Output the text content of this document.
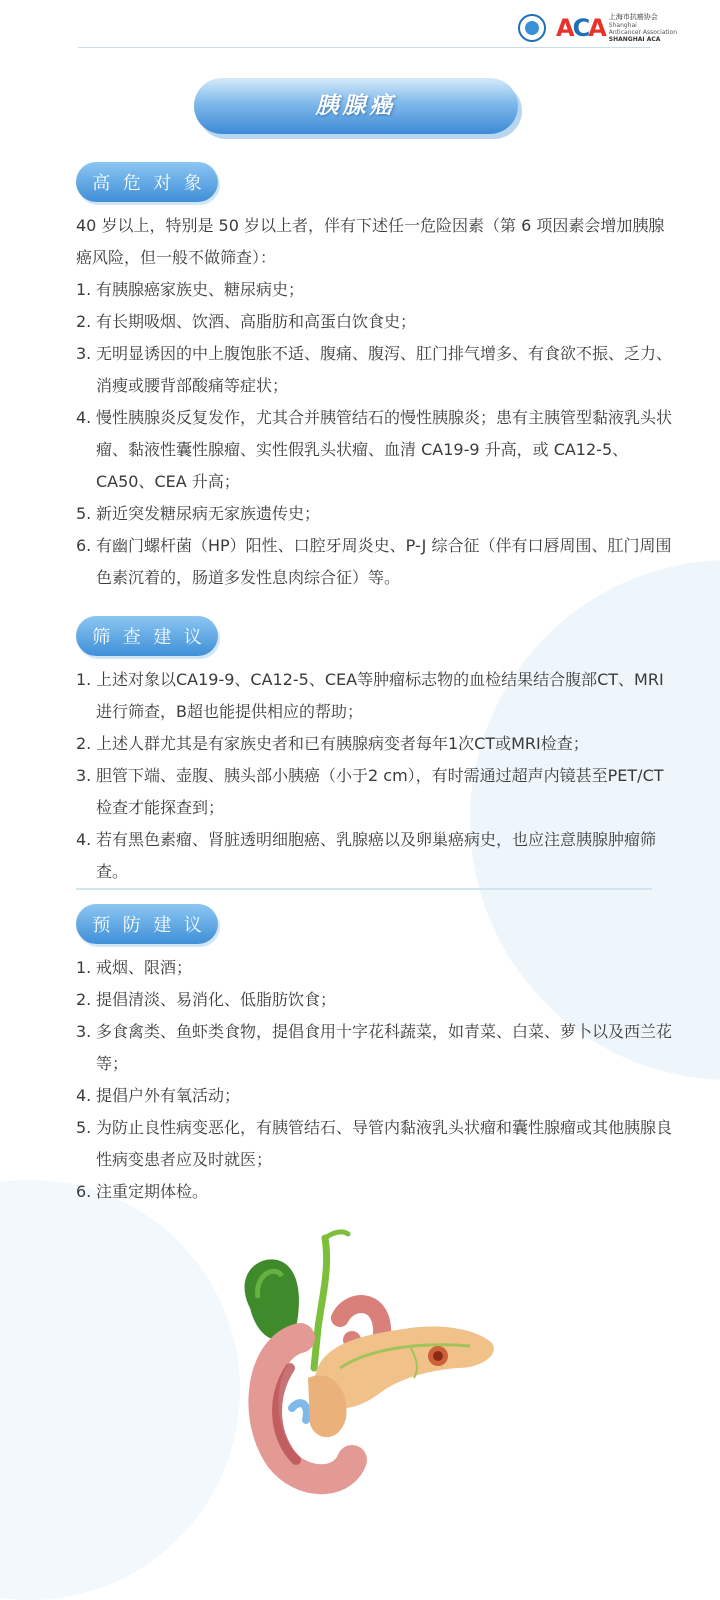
ACA 上海市抗癌协会
Shanghai
Anticancer Association
SHANGHAI ACA
胰腺癌
高 危 对 象

40 岁以上，特别是 50 岁以上者，伴有下述任一危险因素（第 6 项因素会增加胰腺癌风险，但一般不做筛查）：

1. 有胰腺癌家族史、糖尿病史；
2. 有长期吸烟、饮酒、高脂肪和高蛋白饮食史；
3. 无明显诱因的中上腹饱胀不适、腹痛、腹泻、肛门排气增多、有食欲不振、乏力、消瘦或腰背部酸痛等症状；
4. 慢性胰腺炎反复发作，尤其合并胰管结石的慢性胰腺炎；患有主胰管型黏液乳头状瘤、黏液性囊性腺瘤、实性假乳头状瘤、血清 CA19-9 升高，或 CA12-5、CA50、CEA 升高；
5. 新近突发糖尿病无家族遗传史；
6. 有幽门螺杆菌（HP）阳性、口腔牙周炎史、P-J 综合征（伴有口唇周围、肛门周围色素沉着的，肠道多发性息肉综合征）等。
筛 查 建 议
1. 上述对象以CA19-9、CA12-5、CEA等肿瘤标志物的血检结果结合腹部CT、MRI进行筛查，B超也能提供相应的帮助；
2. 上述人群尤其是有家族史者和已有胰腺病变者每年1次CT或MRI检查；
3. 胆管下端、壶腹、胰头部小胰癌（小于2 cm），有时需通过超声内镜甚至PET/CT检查才能探查到；
4. 若有黑色素瘤、肾脏透明细胞癌、乳腺癌以及卵巢癌病史，也应注意胰腺肿瘤筛查。
预 防 建 议
1. 戒烟、限酒；
2. 提倡清淡、易消化、低脂肪饮食；
3. 多食禽类、鱼虾类食物，提倡食用十字花科蔬菜，如青菜、白菜、萝卜以及西兰花等；
4. 提倡户外有氧活动；
5. 为防止良性病变恶化，有胰管结石、导管内黏液乳头状瘤和囊性腺瘤或其他胰腺良性病变患者应及时就医；
6. 注重定期体检。
